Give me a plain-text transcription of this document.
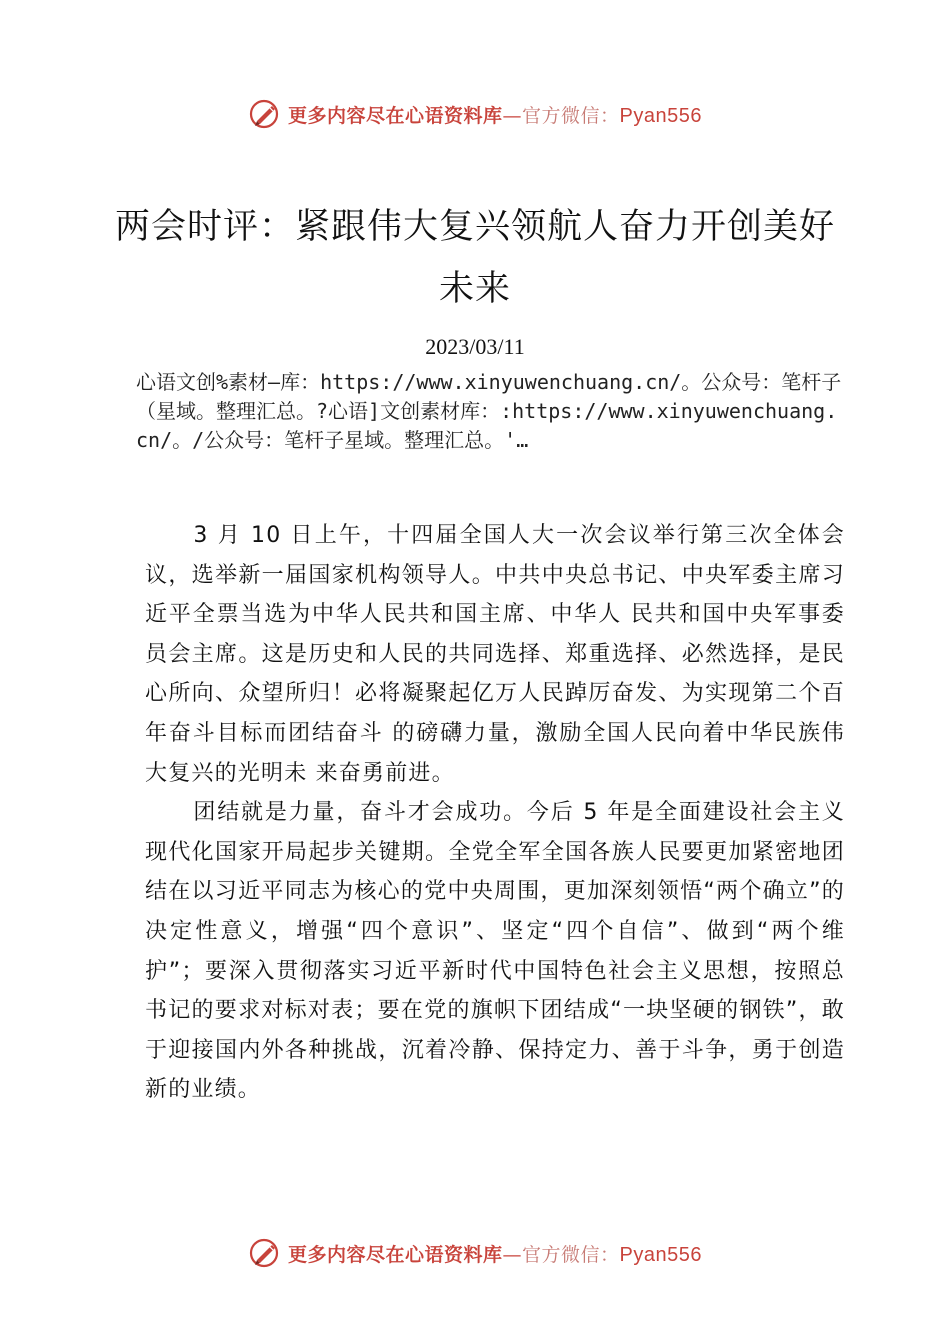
更多内容尽在心语资料库—官方微信：Pyan556
两会时评：紧跟伟大复兴领航人奋力开创美好未来
2023/03/11

心语文创%素材—库：https://www.xinyuwenchuang.cn/。公众号：笔杆子（星域。整理汇总。?心语]文创素材库：:https://www.xinyuwenchuang.cn/。/公众号：笔杆子星域。整理汇总。'…

3 月 10 日上午，十四届全国人大一次会议举行第三次全体会议，选举新一届国家机构领导人。中共中央总书记、中央军委主席习近平全票当选为中华人民共和国主席、中华人 民共和国中央军事委员会主席。这是历史和人民的共同选择、郑重选择、必然选择，是民心所向、众望所归！必将凝聚起亿万人民踔厉奋发、为实现第二个百年奋斗目标而团结奋斗 的磅礴力量，激励全国人民向着中华民族伟大复兴的光明未 来奋勇前进。

团结就是力量，奋斗才会成功。今后 5 年是全面建设社会主义现代化国家开局起步关键期。全党全军全国各族人民要更加紧密地团结在以习近平同志为核心的党中央周围，更加深刻领悟“两个确立”的决定性意义，增强“四个意识”、坚定“四个自信”、做到“两个维护”；要深入贯彻落实习近平新时代中国特色社会主义思想，按照总书记的要求对标对表；要在党的旗帜下团结成“一块坚硬的钢铁”，敢于迎接国内外各种挑战，沉着冷静、保持定力、善于斗争，勇于创造新的业绩。

更多内容尽在心语资料库—官方微信：Pyan556
